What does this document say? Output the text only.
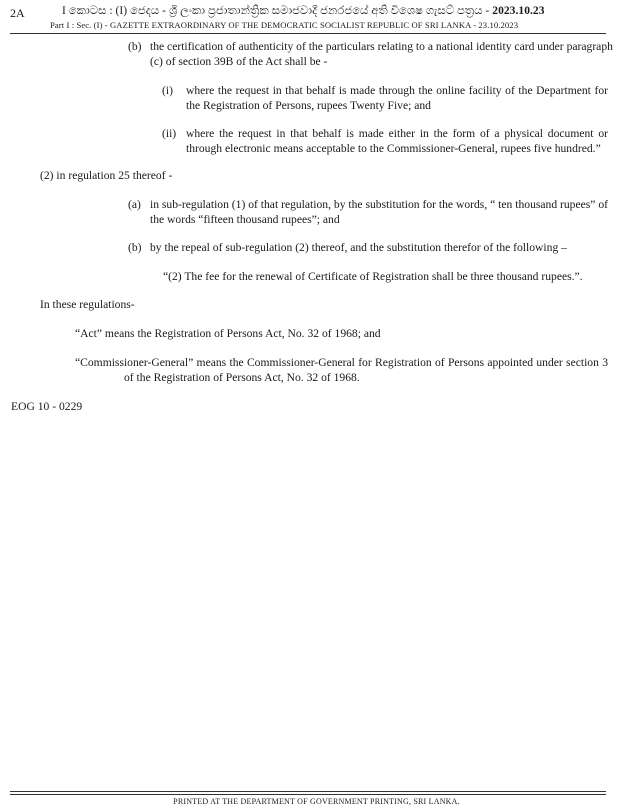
2A	I කොටස : (I) ජෙදය - ශ්‍රී ලංකා ප්‍රජාතාන්ත්‍රික සමාජවාදී ජනරජයේ අති විශෙෂ ගැසට් පත්‍රය - 2023.10.23
Part I : Sec. (I) - GAZETTE EXTRAORDINARY OF THE DEMOCRATIC SOCIALIST REPUBLIC OF SRI LANKA - 23.10.2023
(b) the certification of authenticity of the particulars relating to a national identity card under paragraph
(c) of section 39B of the Act shall be -
(i) where the request in that behalf is made through the online facility of the Department for the Registration of Persons, rupees Twenty Five; and
(ii) where the request in that behalf is made either in the form of a physical document or through electronic means acceptable to the Commissioner-General, rupees five hundred.”
(2) in regulation 25 thereof -
(a) in sub-regulation (1) of that regulation, by the substitution for the words, “ ten thousand rupees” of the words “fifteen thousand rupees”; and
(b) by the repeal of sub-regulation (2) thereof, and the substitution therefor of the following –
“(2) The fee for the renewal of Certificate of Registration shall be three thousand rupees.”.
In these regulations-
“Act” means the Registration of Persons Act, No. 32 of 1968; and
“Commissioner-General” means the Commissioner-General for Registration of Persons appointed under section 3 of the Registration of Persons Act, No. 32 of 1968.
EOG 10 - 0229
PRINTED AT THE DEPARTMENT OF GOVERNMENT PRINTING, SRI LANKA.
